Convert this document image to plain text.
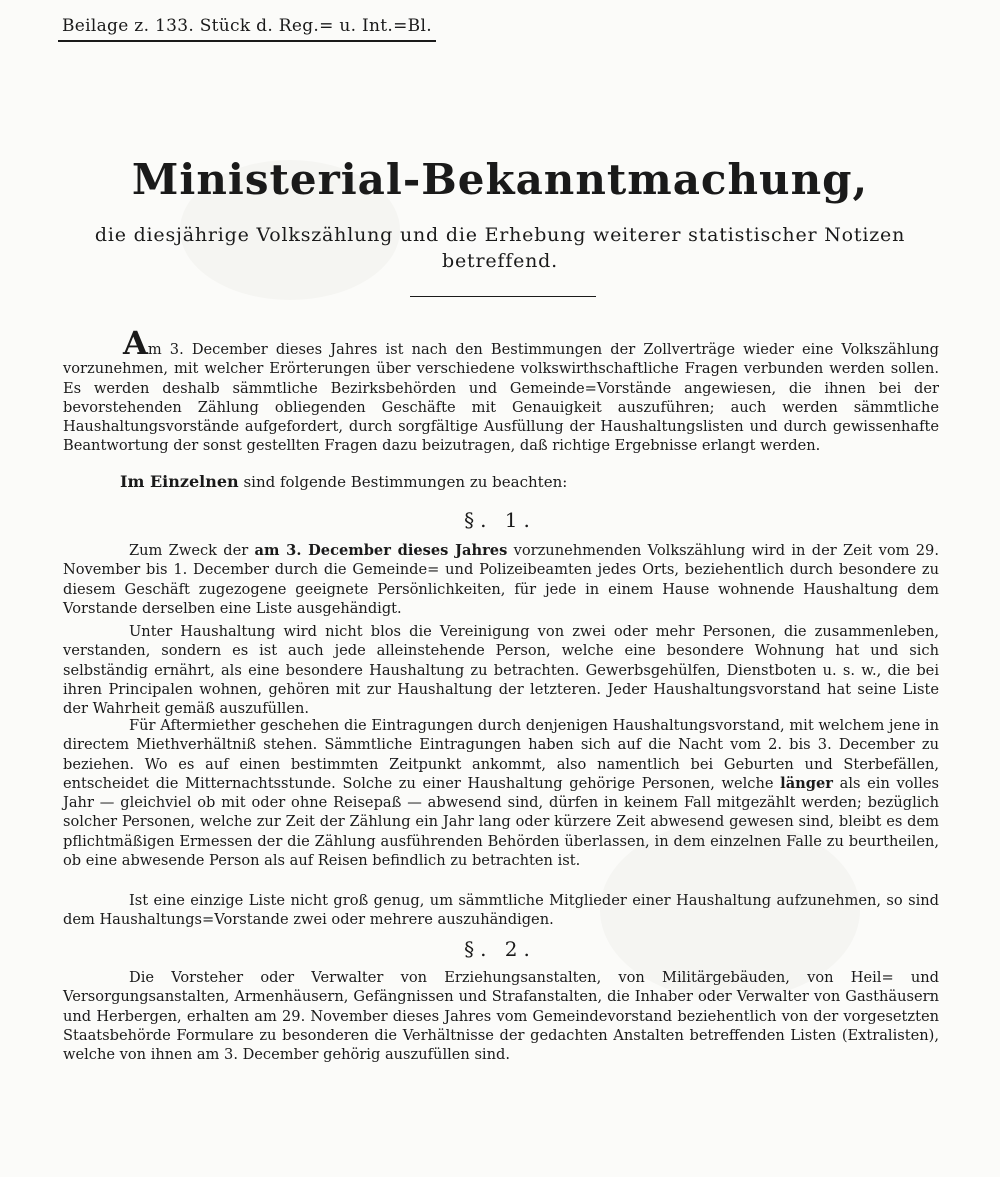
Beilage z. 133. Stück d. Reg.= u. Int.=Bl.
Ministerial-Bekanntmachung,
die diesjährige Volkszählung und die Erhebung weiterer statistischer Notizen betreffend.

Am 3. December dieses Jahres ist nach den Bestimmungen der Zollverträge wieder eine Volkszählung vorzunehmen, mit welcher Erörterungen über verschiedene volkswirthschaftliche Fragen verbunden werden sollen. Es werden deshalb sämmtliche Bezirksbehörden und Gemeinde=Vorstände angewiesen, die ihnen bei der bevorstehenden Zählung obliegenden Geschäfte mit Genauigkeit auszuführen; auch werden sämmtliche Haushaltungsvorstände aufgefordert, durch sorgfältige Ausfüllung der Haushaltungslisten und durch gewissenhafte Beantwortung der sonst gestellten Fragen dazu beizutragen, daß richtige Ergebnisse erlangt werden.

Im Einzelnen sind folgende Bestimmungen zu beachten:
§. 1.

Zum Zweck der am 3. December dieses Jahres vorzunehmenden Volkszählung wird in der Zeit vom 29. November bis 1. December durch die Gemeinde= und Polizeibeamten jedes Orts, beziehentlich durch besondere zu diesem Geschäft zugezogene geeignete Persönlichkeiten, für jede in einem Hause wohnende Haushaltung dem Vorstande derselben eine Liste ausgehändigt.

Unter Haushaltung wird nicht blos die Vereinigung von zwei oder mehr Personen, die zusammenleben, verstanden, sondern es ist auch jede alleinstehende Person, welche eine besondere Wohnung hat und sich selbständig ernährt, als eine besondere Haushaltung zu betrachten. Gewerbsgehülfen, Dienstboten u. s. w., die bei ihren Principalen wohnen, gehören mit zur Haushaltung der letzteren. Jeder Haushaltungsvorstand hat seine Liste der Wahrheit gemäß auszufüllen.

Für Aftermiether geschehen die Eintragungen durch denjenigen Haushaltungsvorstand, mit welchem jene in directem Miethverhältniß stehen. Sämmtliche Eintragungen haben sich auf die Nacht vom 2. bis 3. December zu beziehen. Wo es auf einen bestimmten Zeitpunkt ankommt, also namentlich bei Geburten und Sterbefällen, entscheidet die Mitternachtsstunde. Solche zu einer Haushaltung gehörige Personen, welche länger als ein volles Jahr — gleichviel ob mit oder ohne Reisepaß — abwesend sind, dürfen in keinem Fall mitgezählt werden; bezüglich solcher Personen, welche zur Zeit der Zählung ein Jahr lang oder kürzere Zeit abwesend gewesen sind, bleibt es dem pflichtmäßigen Ermessen der die Zählung ausführenden Behörden überlassen, in dem einzelnen Falle zu beurtheilen, ob eine abwesende Person als auf Reisen befindlich zu betrachten ist.

Ist eine einzige Liste nicht groß genug, um sämmtliche Mitglieder einer Haushaltung aufzunehmen, so sind dem Haushaltungs=Vorstande zwei oder mehrere auszuhändigen.

§. 2.

Die Vorsteher oder Verwalter von Erziehungsanstalten, von Militärgebäuden, von Heil= und Versorgungsanstalten, Armenhäusern, Gefängnissen und Strafanstalten, die Inhaber oder Verwalter von Gasthäusern und Herbergen, erhalten am 29. November dieses Jahres vom Gemeindevorstand beziehentlich von der vorgesetzten Staatsbehörde Formulare zu besonderen die Verhältnisse der gedachten Anstalten betreffenden Listen (Extralisten), welche von ihnen am 3. December gehörig auszufüllen sind.
